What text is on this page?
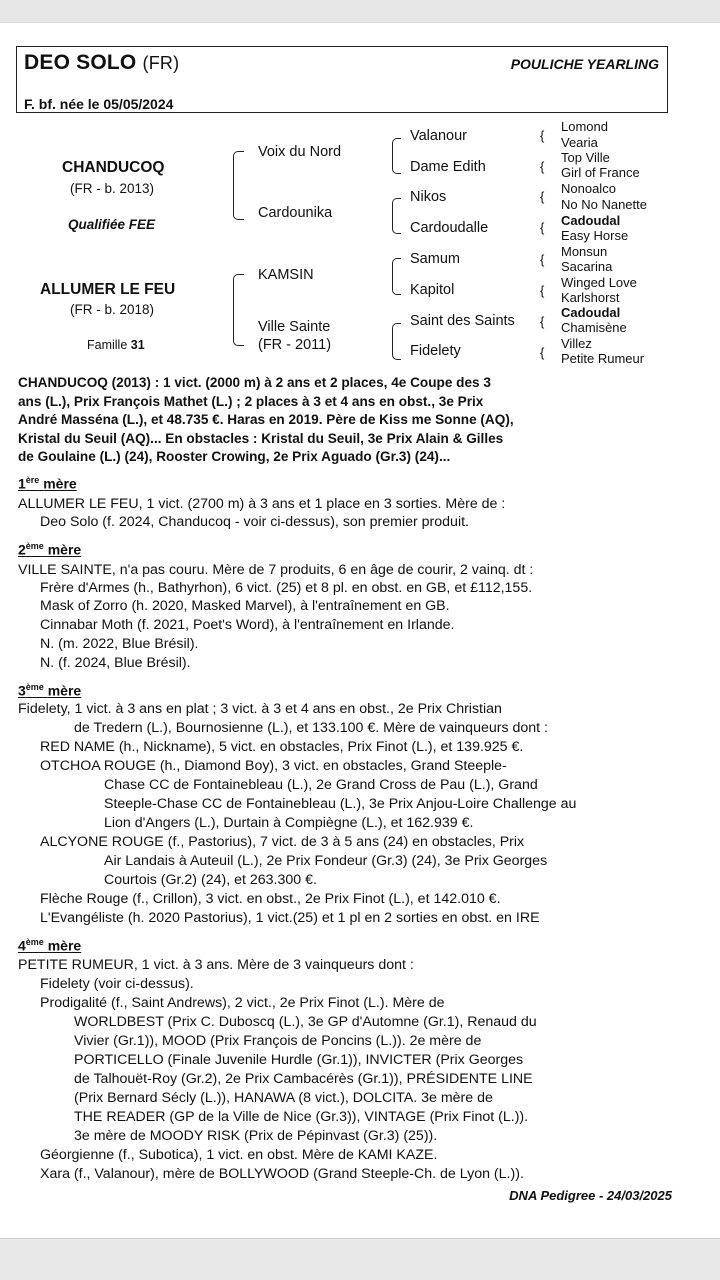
DEO SOLO (FR)
F. bf. née le 05/05/2024
POULICHE YEARLING
CHANDUCOQ
(FR - b. 2013)
Qualifiée FEE
Voix du Nord
Cardounika
Valanour
Dame Edith
Nikos
Cardoudalle
{
{
{
{
Lomond
Vearia
Top Ville
Girl of France
Nonoalco
No No Nanette
Cadoudal
Easy Horse
ALLUMER LE FEU
(FR - b. 2018)
Famille 31
KAMSIN
Ville Sainte
(FR - 2011)
Samum
Kapitol
Saint des Saints
Fidelety
{
{
{
{
Monsun
Sacarina
Winged Love
Karlshorst
Cadoudal
Chamisène
Villez
Petite Rumeur
CHANDUCOQ (2013) : 1 vict. (2000 m) à 2 ans et 2 places, 4e Coupe des 3
ans (L.), Prix François Mathet (L.) ; 2 places à 3 et 4 ans en obst., 3e Prix
André Masséna (L.), et 48.735 €. Haras en 2019. Père de Kiss me Sonne (AQ),
Kristal du Seuil (AQ)... En obstacles : Kristal du Seuil, 3e Prix Alain & Gilles
de Goulaine (L.) (24), Rooster Crowing, 2e Prix Aguado (Gr.3) (24)...
1ère mère
ALLUMER LE FEU, 1 vict. (2700 m) à 3 ans et 1 place en 3 sorties. Mère de :
Deo Solo (f. 2024, Chanducoq - voir ci-dessus), son premier produit.
2ème mère
VILLE SAINTE, n'a pas couru. Mère de 7 produits, 6 en âge de courir, 2 vainq. dt :
Frère d'Armes (h., Bathyrhon), 6 vict. (25) et 8 pl. en obst. en GB, et £112,155.
Mask of Zorro (h. 2020, Masked Marvel), à l'entraînement en GB.
Cinnabar Moth (f. 2021, Poet's Word), à l'entraînement en Irlande.
N. (m. 2022, Blue Brésil).
N. (f. 2024, Blue Brésil).
3ème mère
Fidelety, 1 vict. à 3 ans en plat ; 3 vict. à 3 et 4 ans en obst., 2e Prix Christian
de Tredern (L.), Bournosienne (L.), et 133.100 €. Mère de vainqueurs dont :
RED NAME (h., Nickname), 5 vict. en obstacles, Prix Finot (L.), et 139.925 €.
OTCHOA ROUGE (h., Diamond Boy), 3 vict. en obstacles, Grand Steeple-
Chase CC de Fontainebleau (L.), 2e Grand Cross de Pau (L.), Grand
Steeple-Chase CC de Fontainebleau (L.), 3e Prix Anjou-Loire Challenge au
Lion d'Angers (L.), Durtain à Compiègne (L.), et 162.939 €.
ALCYONE ROUGE (f., Pastorius), 7 vict. de 3 à 5 ans (24) en obstacles, Prix
Air Landais à Auteuil (L.), 2e Prix Fondeur (Gr.3) (24), 3e Prix Georges
Courtois (Gr.2) (24), et 263.300 €.
Flèche Rouge (f., Crillon), 3 vict. en obst., 2e Prix Finot (L.), et 142.010 €.
L'Evangéliste (h. 2020 Pastorius), 1 vict.(25) et 1 pl en 2 sorties en obst. en IRE
4ème mère
PETITE RUMEUR, 1 vict. à 3 ans. Mère de 3 vainqueurs dont :
Fidelety (voir ci-dessus).
Prodigalité (f., Saint Andrews), 2 vict., 2e Prix Finot (L.). Mère de
WORLDBEST (Prix C. Duboscq (L.), 3e GP d'Automne (Gr.1), Renaud du
Vivier (Gr.1)), MOOD (Prix François de Poncins (L.)). 2e mère de
PORTICELLO (Finale Juvenile Hurdle (Gr.1)), INVICTER (Prix Georges
de Talhouët-Roy (Gr.2), 2e Prix Cambacérès (Gr.1)), PRÉSIDENTE LINE
(Prix Bernard Sécly (L.)), HANAWA (8 vict.), DOLCITA. 3e mère de
THE READER (GP de la Ville de Nice (Gr.3)), VINTAGE (Prix Finot (L.)).
3e mère de MOODY RISK (Prix de Pépinvast (Gr.3) (25)).
Géorgienne (f., Subotica), 1 vict. en obst. Mère de KAMI KAZE.
Xara (f., Valanour), mère de BOLLYWOOD (Grand Steeple-Ch. de Lyon (L.)).
DNA Pedigree - 24/03/2025
